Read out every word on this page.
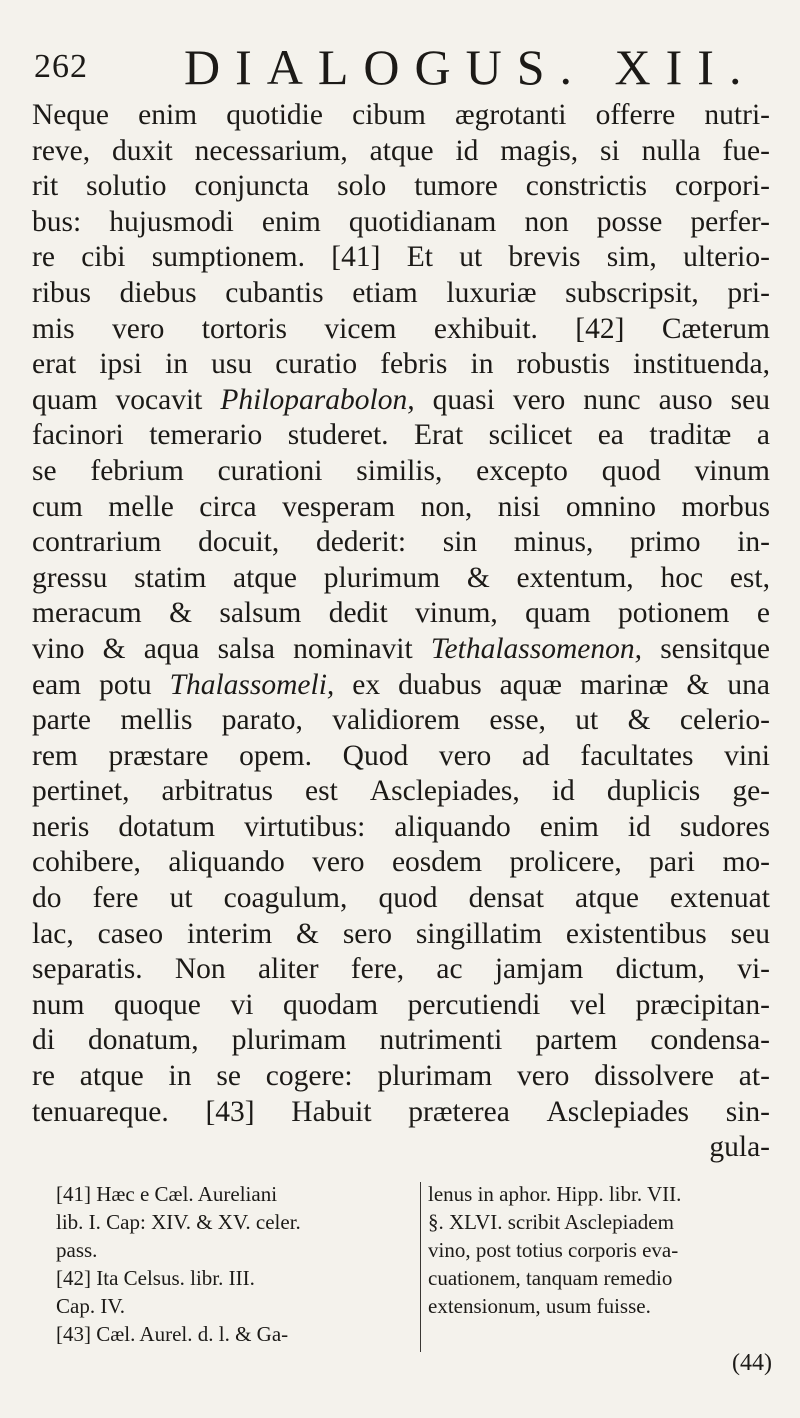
262 DIALOGUS. XII.
Neque enim quotidie cibum ægrotanti offerre nutri-
reve, duxit necessarium, atque id magis, si nulla fue-
rit solutio conjuncta solo tumore constrictis corpori-
bus: hujusmodi enim quotidianam non posse perfer-
re cibi sumptionem. [41] Et ut brevis sim, ulterio-
ribus diebus cubantis etiam luxuriæ subscripsit, pri-
mis vero tortoris vicem exhibuit. [42] Cæterum
erat ipsi in usu curatio febris in robustis instituenda,
quam vocavit Philoparabolon, quasi vero nunc auso seu
facinori temerario studeret. Erat scilicet ea traditæ a
se febrium curationi similis, excepto quod vinum
cum melle circa vesperam non, nisi omnino morbus
contrarium docuit, dederit: sin minus, primo in-
gressu statim atque plurimum & extentum, hoc est,
meracum & salsum dedit vinum, quam potionem e
vino & aqua salsa nominavit Tethalassomenon, sensitque
eam potu Thalassomeli, ex duabus aquæ marinæ & una
parte mellis parato, validiorem esse, ut & celerio-
rem præstare opem. Quod vero ad facultates vini
pertinet, arbitratus est Asclepiades, id duplicis ge-
neris dotatum virtutibus: aliquando enim id sudores
cohibere, aliquando vero eosdem prolicere, pari mo-
do fere ut coagulum, quod densat atque extenuat
lac, caseo interim & sero singillatim existentibus seu
separatis. Non aliter fere, ac jamjam dictum, vi-
num quoque vi quodam percutiendi vel præcipitan-
di donatum, plurimam nutrimenti partem condensa-
re atque in se cogere: plurimam vero dissolvere at-
tenuareque. [43] Habuit præterea Asclepiades sin-
gula-
[41] Hæc e Cæl. Aureliani
lib. I. Cap: XIV. & XV. celer.
pass.
[42] Ita Celsus. libr. III.
Cap. IV.
[43] Cæl. Aurel. d. l. & Ga-
lenus in aphor. Hipp. libr. VII.
§. XLVI. scribit Asclepiadem
vino, post totius corporis eva-
cuationem, tanquam remedio
extensionum, usum fuisse.
(44)
